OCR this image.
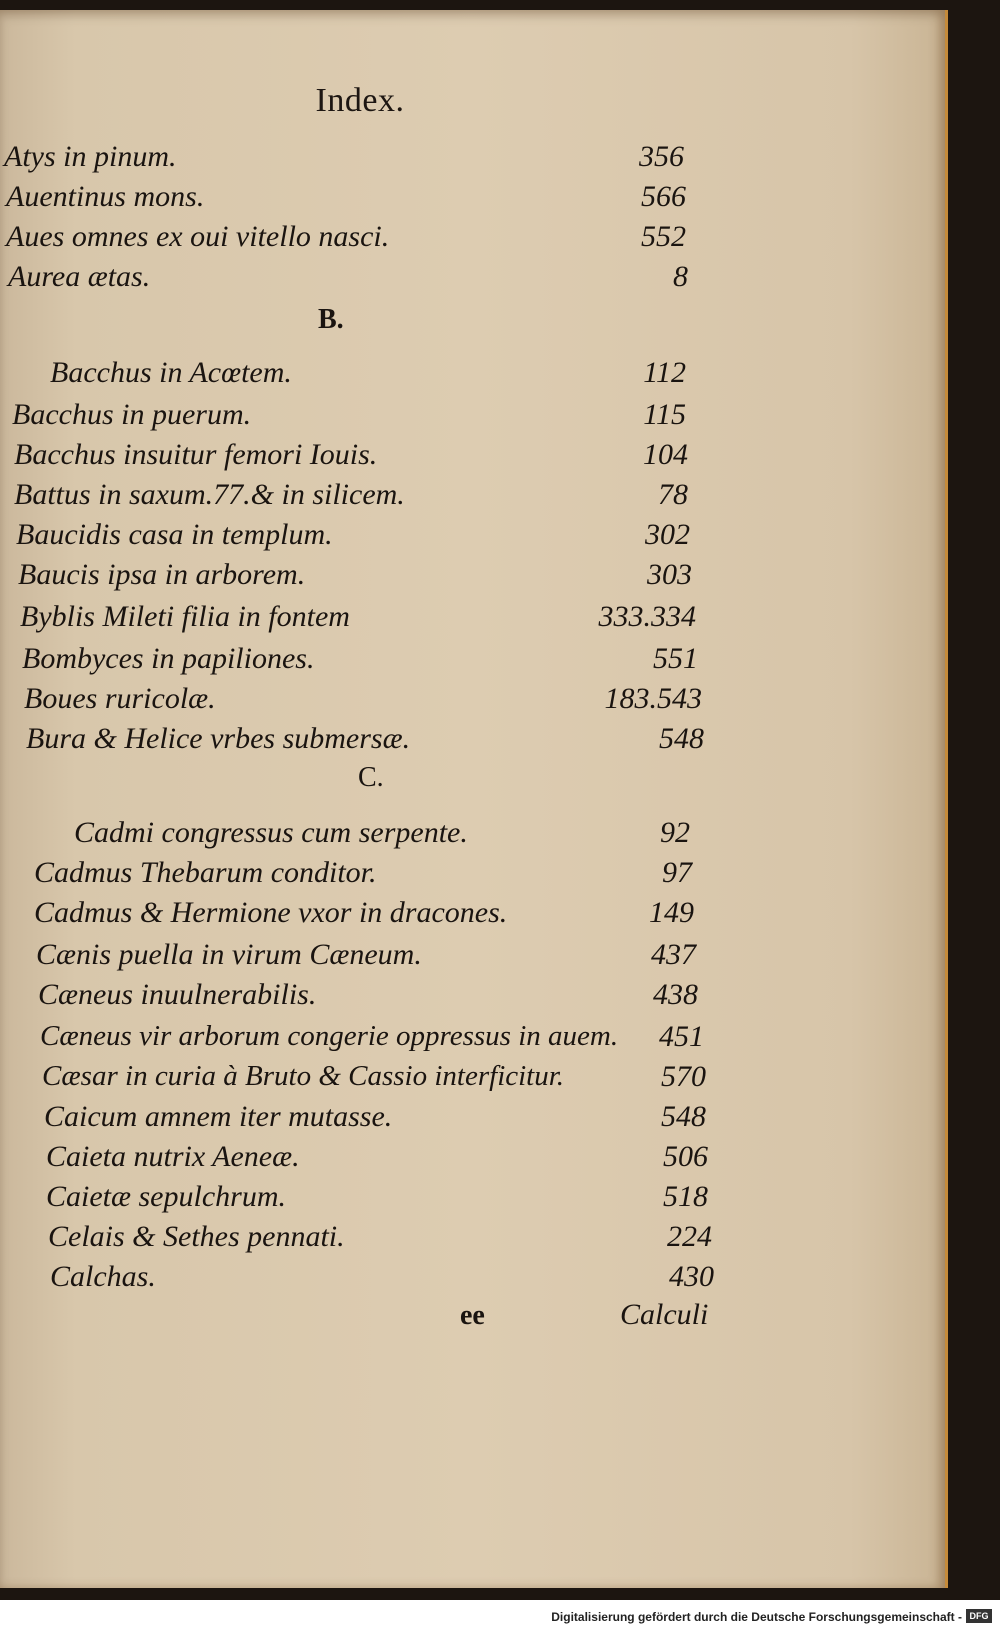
Index.
Atys in pinum.	356
Auentinus mons.	566
Aues omnes ex oui vitello nasci.	552
Aurea ætas.	8
B.
Bacchus in Acœtem.	112
Bacchus in puerum.	115
Bacchus insuitur femori Iouis.	104
Battus in saxum.77.& in silicem.	78
Baucidis casa in templum.	302
Baucis ipsa in arborem.	303
Byblis Mileti filia in fontem	333.334
Bombyces in papiliones.	551
Boues ruricolæ.	183.543
Bura & Helice vrbes submersæ.	548
C.
Cadmi congressus cum serpente.	92
Cadmus Thebarum conditor.	97
Cadmus & Hermione vxor in dracones.	149
Cænis puella in virum Cæneum.	437
Cæneus inuulnerabilis.	438
Cæneus vir arborum congerie oppressus in auem.	451
Cæsar in curia à Bruto & Cassio interficitur.	570
Caicum amnem iter mutasse.	548
Caieta nutrix Aeneæ.	506
Caietæ sepulchrum.	518
Celais & Sethes pennati.	224
Calchas.	430
ee	Calculi
Digitalisierung gefördert durch die Deutsche Forschungsgemeinschaft - DFG
